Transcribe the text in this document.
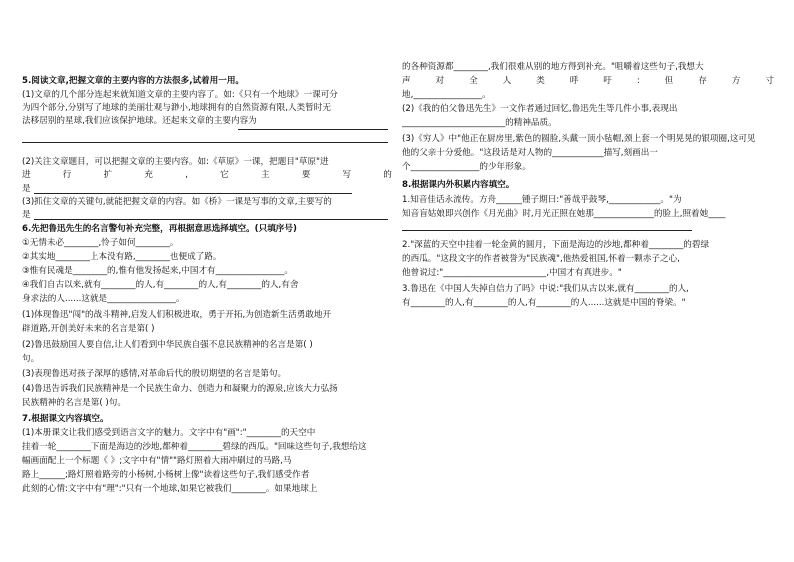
5.阅读文章,把握文章的主要内容的方法很多,试着用一用。
(1)文章的几个部分连起来就知道文章的主要内容了。如:《只有一个地球》一课可分
为四个部分,分别写了地球的美丽壮观与渺小,地球拥有的自然资源有限,人类暂时无
法移居别的星球,我们应该保护地球。还起来文章的主要内容为
(2)关注文章题目，可以把握文章的主要内容。如:《草原》一课，把题目"草原"进
进	行	扩	充	,	它	主	要	写	的
是
(3)抓住文章的关键句,就能把握文章的内容。如《桥》一课是写事的文章,主要写的
是
6.先把鲁迅先生的名言警句补充完整，再根据意思选择填空。(只填序号)
①无情未必________,怜子如何________。
②其实地________上本没有路,________也便成了路。
③惟有民魂是________的,惟有他发扬起来,中国才有________________。
④我们自古以来,就有________的人,有________的人,有________的人,有舍
身求法的人......这就是________________。
(1)体现鲁迅"闯"的战斗精神,启发人们积极进取，勇于开拓,为创造新生活勇敢地开
辟道路,开创美好未来的名言是第( )
(2)鲁迅鼓励国人要自信,让人们看到中华民族自强不息民族精神的名言是第( )
句。
(3)表现鲁迅对孩子深厚的感情,对革命后代的殷切期望的名言是第句。
(4)鲁迅告诉我们民族精神是一个民族生命力、创造力和凝聚力的源泉,应该大力弘扬
民族精神的名言是第( )句。
7.根据课文内容填空。
(1)本册课文让我们感受到语言文字的魅力。文字中有"画":"________的天空中
挂着一轮________下面是海边的沙地,都种着________碧绿的西瓜。"回味这些句子,我想给这
幅画面配上一个标题《 》;文字中有"情""路灯照着大雨冲刷过的马路,马
路上______;路灯照着路旁的小杨树,小杨树上像"读着这些句子,我们感受作者
此刻的心情:文字中有"理":"只有一个地球,如果它被我们________。如果地球上
的各种资源都________,我们很难从别的地方得到补充。"咀嚼着这些句子,我想大
声	对	全	人	类	呼	吁	:	但	存	方	寸
地,________________。
(2)《我的伯父鲁迅先生》一文作者通过回忆,鲁迅先生等几件小事,表现出
________________________的精神品质。
(3)《穷人》中"他正在厨房里,紫色的圆脸,头戴一顶小毡帽,颈上套一个明晃晃的银项圈,这可见
他的父亲十分爱他。"这段话是对人物的____________描写,刻画出一
个________________的少年形象。
8.根据课内外积累内容填空。
1.知音佳话永流传。方舟______锺子期曰:"善哉乎鼓琴,____________。"为
知音盲姑娘即兴创作《月光曲》时,月光正照在她那______________的脸上,照着她____
2."深蓝的天空中挂着一轮金黄的圆月，下面是海边的沙地,都种着________的碧绿
的西瓜。"这段文字的作者被誉为"民族魂",他热爱祖国,怀着一颗赤子之心,
他曾说过:"________________________,中国才有真进步。"
3.鲁迅在《中国人失掉自信力了吗》中说:"我们从古以来,就有________的人,
有________的人,有________的人,有________的人......这就是中国的脊梁。"
